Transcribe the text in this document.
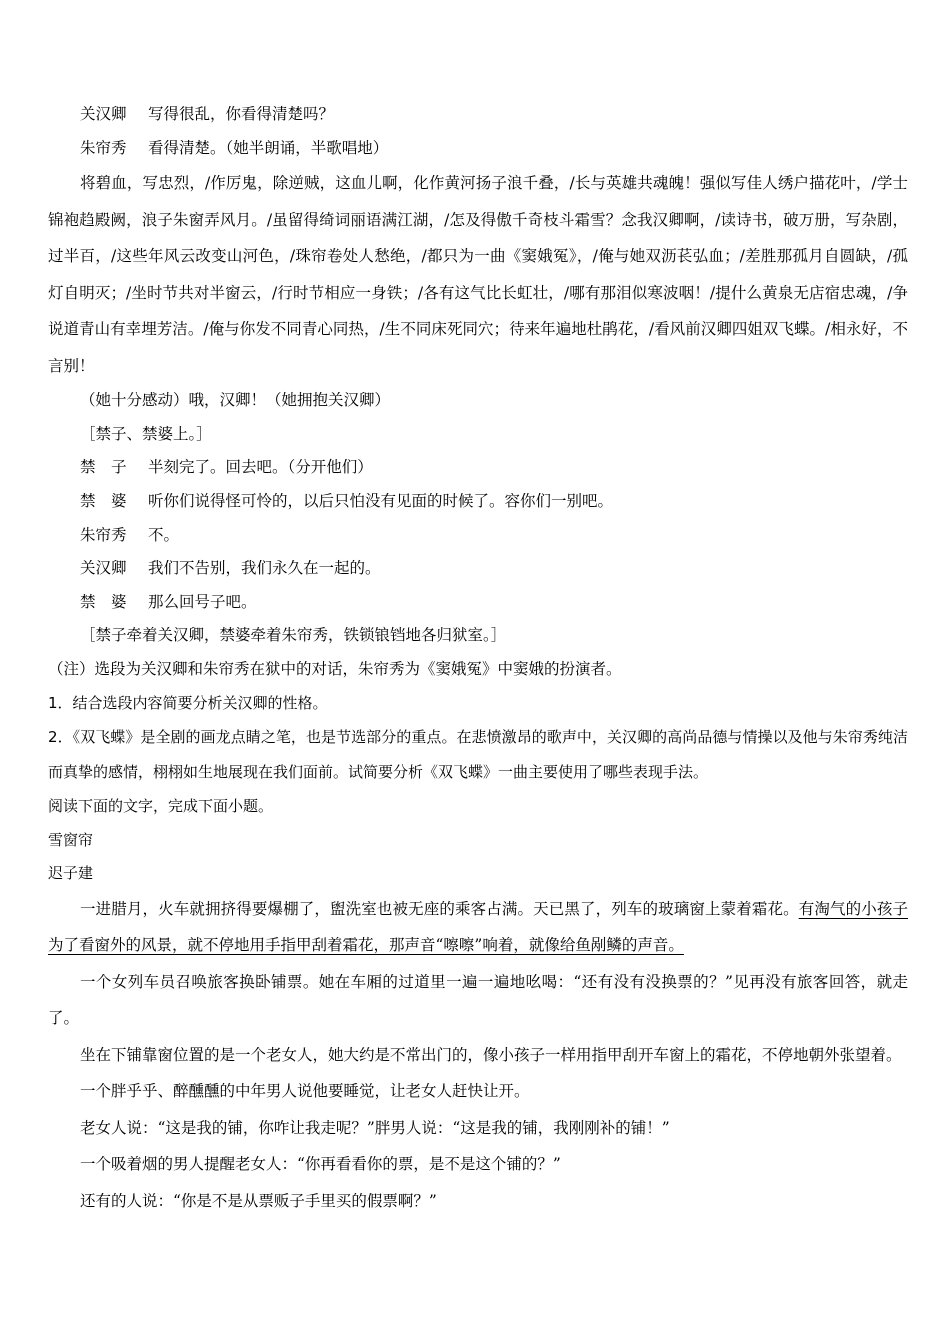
关汉卿 写得很乱，你看得清楚吗？

朱帘秀 看得清楚。（她半朗诵，半歌唱地）

将碧血，写忠烈，/作厉鬼，除逆贼，这血儿啊，化作黄河扬子浪千叠，/长与英雄共魂魄！强似写佳人绣户描花叶，/学士锦袍趋殿阙，浪子朱窗弄风月。/虽留得绮词丽语满江湖，/怎及得傲千奇枝斗霜雪？念我汉卿啊，/读诗书，破万册，写杂剧，过半百，/这些年风云改变山河色，/珠帘卷处人愁绝，/都只为一曲《窦娥冤》，/俺与她双沥苌弘血；/差胜那孤月自圆缺，/孤灯自明灭；/坐时节共对半窗云，/行时节相应一身铁；/各有这气比长虹壮，/哪有那泪似寒波咽！/提什么黄泉无店宿忠魂，/争说道青山有幸埋芳洁。/俺与你发不同青心同热，/生不同床死同穴；待来年遍地杜鹃花，/看风前汉卿四姐双飞蝶。/相永好，不言别！

（她十分感动）哦，汉卿！（她拥抱关汉卿）

［禁子、禁婆上。］

禁　子 半刻完了。回去吧。（分开他们）

禁　婆 听你们说得怪可怜的，以后只怕没有见面的时候了。容你们一别吧。

朱帘秀 不。

关汉卿 我们不告别，我们永久在一起的。

禁　婆 那么回号子吧。

［禁子牵着关汉卿，禁婆牵着朱帘秀，铁锁锒铛地各归狱室。］

（注）选段为关汉卿和朱帘秀在狱中的对话，朱帘秀为《窦娥冤》中窦娥的扮演者。

1．结合选段内容简要分析关汉卿的性格。

2．《双飞蝶》是全剧的画龙点睛之笔，也是节选部分的重点。在悲愤激昂的歌声中，关汉卿的高尚品德与情操以及他与朱帘秀纯洁而真挚的感情，栩栩如生地展现在我们面前。试简要分析《双飞蝶》一曲主要使用了哪些表现手法。

阅读下面的文字，完成下面小题。

雪窗帘

迟子建

一进腊月，火车就拥挤得要爆棚了，盥洗室也被无座的乘客占满。天已黑了，列车的玻璃窗上蒙着霜花。有淘气的小孩子为了看窗外的风景，就不停地用手指甲刮着霜花，那声音“嚓嚓”响着，就像给鱼剐鳞的声音。

一个女列车员召唤旅客换卧铺票。她在车厢的过道里一遍一遍地吆喝：“还有没有没换票的？”见再没有旅客回答，就走了。

坐在下铺靠窗位置的是一个老女人，她大约是不常出门的，像小孩子一样用指甲刮开车窗上的霜花，不停地朝外张望着。

一个胖乎乎、醉醺醺的中年男人说他要睡觉，让老女人赶快让开。

老女人说：“这是我的铺，你咋让我走呢？”胖男人说：“这是我的铺，我刚刚补的铺！”

一个吸着烟的男人提醒老女人：“你再看看你的票，是不是这个铺的？”

还有的人说：“你是不是从票贩子手里买的假票啊？”
